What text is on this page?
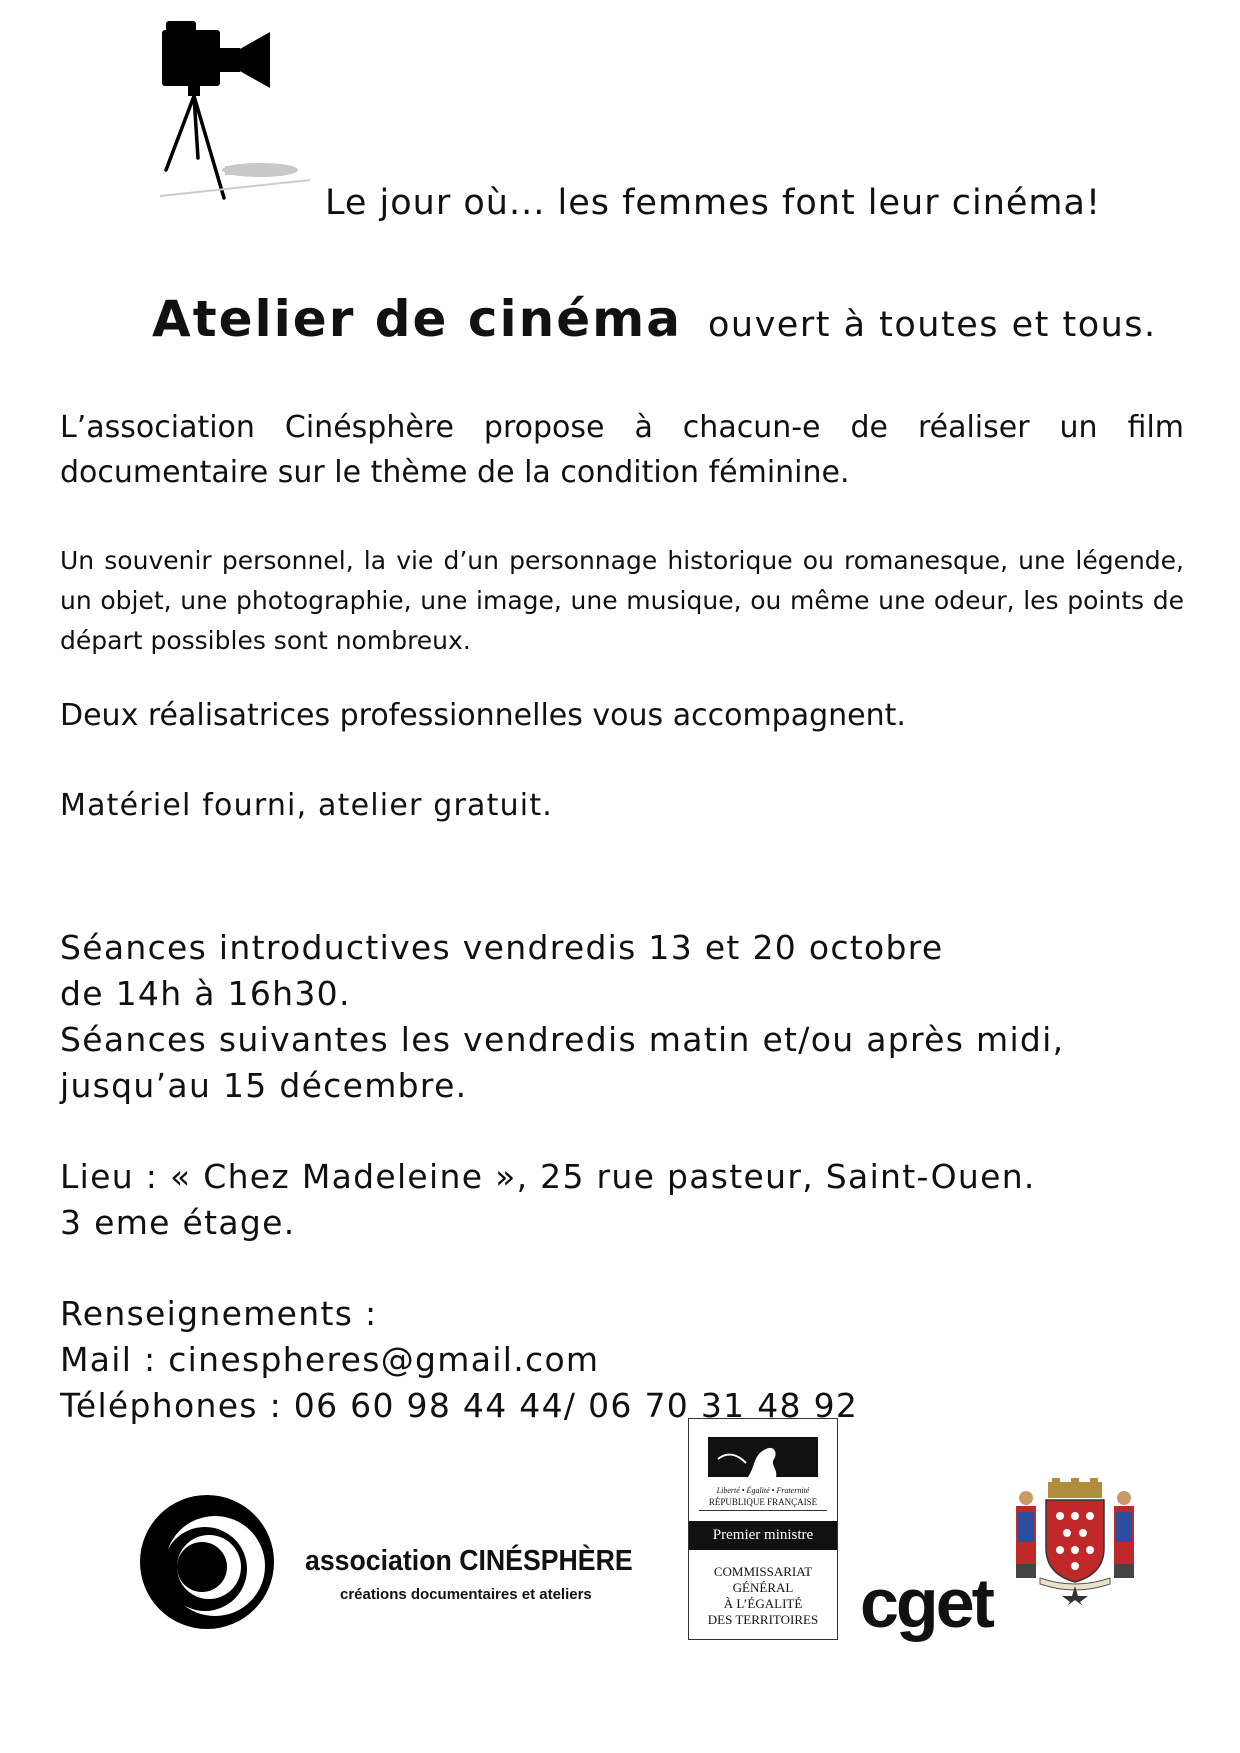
Le jour où... les femmes font leur cinéma!
Atelier de cinéma ouvert à toutes et tous.
L’association Cinésphère propose à chacun-e de réaliser un film documentaire sur le thème de la condition féminine.
Un souvenir personnel, la vie d’un personnage historique ou romanesque, une légende, un objet, une photographie, une image, une musique, ou même une odeur, les points de départ possibles sont nombreux.
Deux réalisatrices professionnelles vous accompagnent.
Matériel fourni, atelier gratuit.
Séances introductives vendredis 13 et 20 octobre
de 14h à 16h30.
Séances suivantes les vendredis matin et/ou après midi,
jusqu’au 15 décembre.
Lieu : « Chez Madeleine », 25 rue pasteur, Saint-Ouen.
3 eme étage.
Renseignements :
Mail : cinespheres@gmail.com
Téléphones : 06 60 98 44 44/ 06 70 31 48 92
association CINÉSPHÈRE
créations documentaires et ateliers
Liberté • Égalité • Fraternité
RÉPUBLIQUE FRANÇAISE
Premier ministre
COMMISSARIAT
GÉNÉRAL
À L’ÉGALITÉ
DES TERRITOIRES cget
